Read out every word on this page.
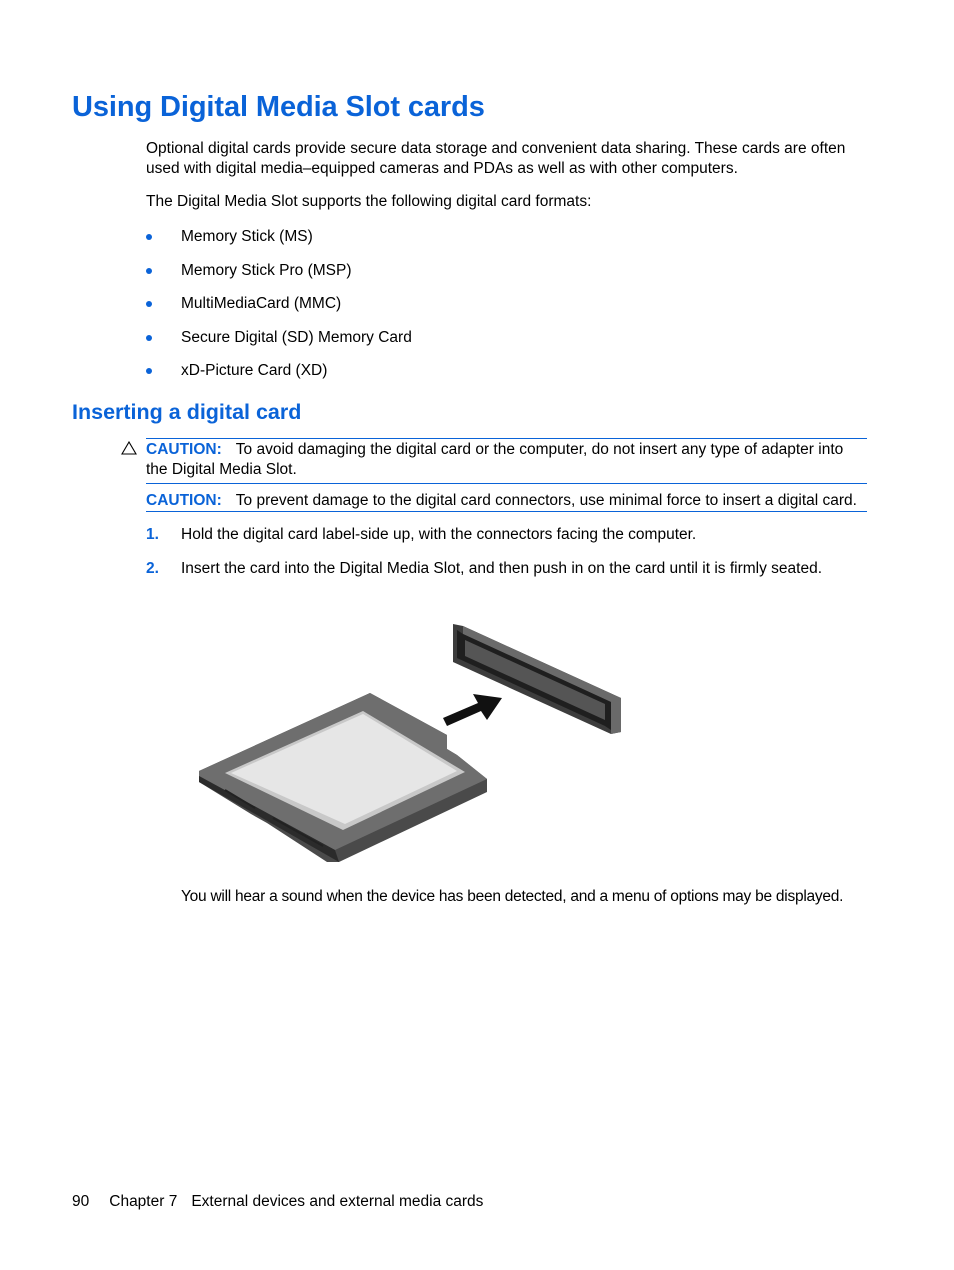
Using Digital Media Slot cards

Optional digital cards provide secure data storage and convenient data sharing. These cards are often used with digital media–equipped cameras and PDAs as well as with other computers.

The Digital Media Slot supports the following digital card formats:

Memory Stick (MS)
Memory Stick Pro (MSP)
MultiMediaCard (MMC)
Secure Digital (SD) Memory Card
xD-Picture Card (XD)
Inserting a digital card
CAUTION: To avoid damaging the digital card or the computer, do not insert any type of adapter into the Digital Media Slot.
CAUTION: To prevent damage to the digital card connectors, use minimal force to insert a digital card.
1. Hold the digital card label-side up, with the connectors facing the computer.
2. Insert the card into the Digital Media Slot, and then push in on the card until it is firmly seated.
You will hear a sound when the device has been detected, and a menu of options may be displayed.
90 Chapter 7 External devices and external media cards
